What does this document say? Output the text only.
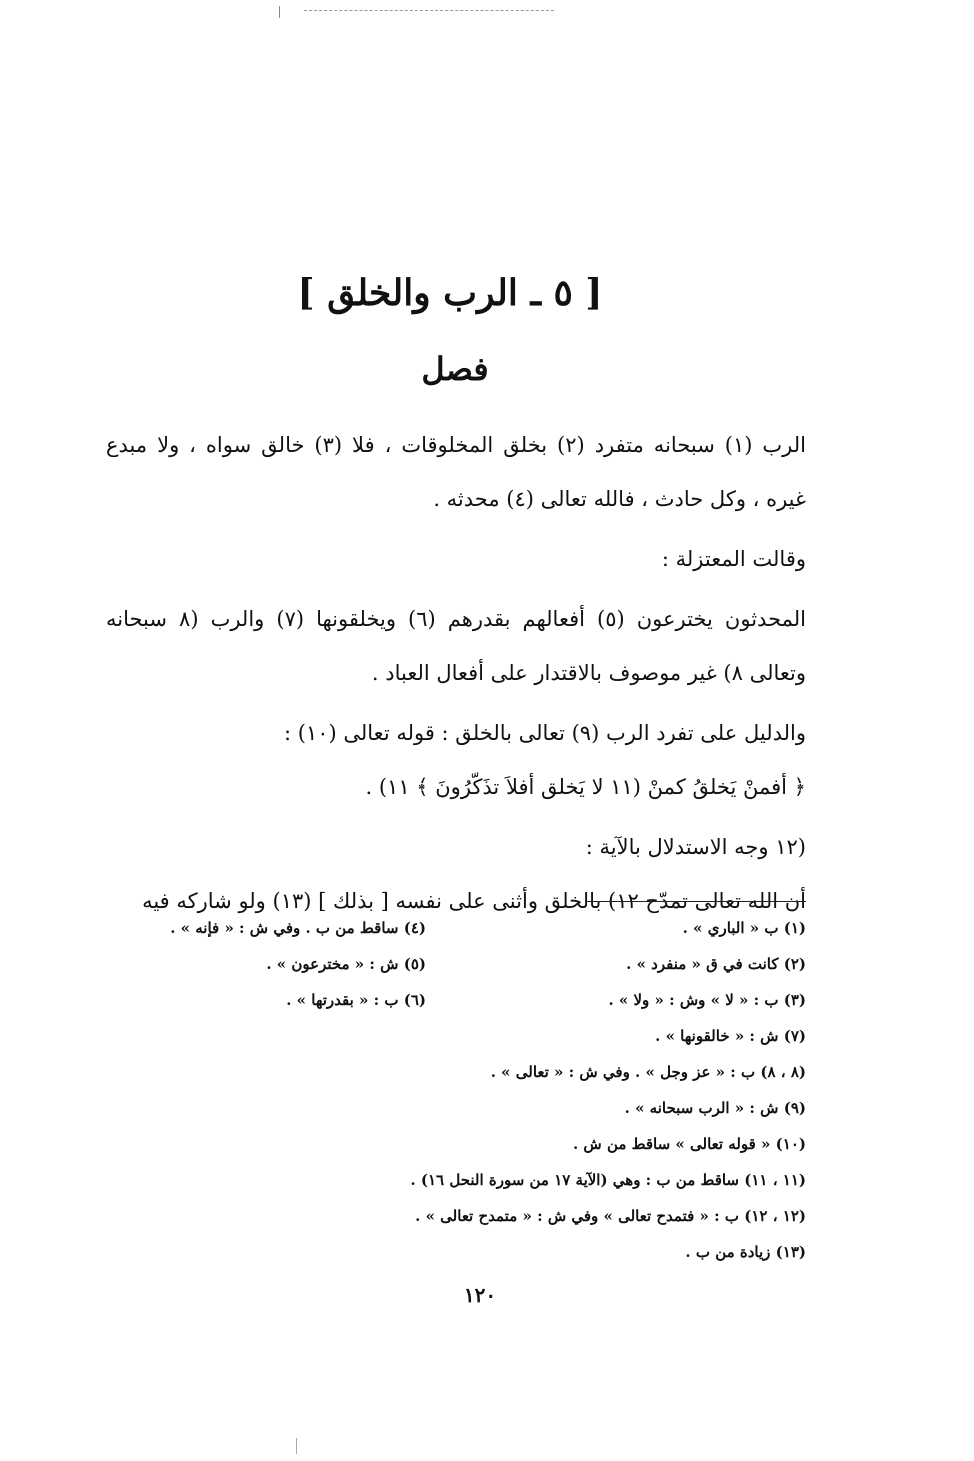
[ ٥ ـ الرب والخلق ]
فصل

الرب (١) سبحانه متفرد (٢) بخلق المخلوقات ، فلا (٣) خالق سواه ، ولا مبدع غيره ، وكل حادث ، فالله تعالى (٤) محدثه .

وقالت المعتزلة :

المحدثون يخترعون (٥) أفعالهم بقدرهم (٦) ويخلقونها (٧) والرب (٨ سبحانه وتعالى ٨) غير موصوف بالاقتدار على أفعال العباد .

والدليل على تفرد الرب (٩) تعالى بالخلق : قوله تعالى (١٠) :

﴿ أفمنْ يَخلقُ كمنْ (١١ لا يَخلق أفلاَ تذَكّرُونَ ﴾ ١١) .

(١٢ وجه الاستدلال بالآية :

أن الله تعالى تمدّح ١٢) بالخلق وأثنى على نفسه [ بذلك ] (١٣) ولو شاركه فيه

(١) ب « الباري » .
(٤) ساقط من ب . وفي ش : « فإنه » .
(٢) كانت في ق « منفرد » .
(٥) ش : « مخترعون » .
(٣) ب : « لا » وش : « ولا » .
(٦) ب : « بقدرتها » .
(٧)

ش : « خالقونها » .
(٨ ، ٨)

ب : « عز وجل » . وفي ش : « تعالى » .
(٩)

ش : « الرب سبحانه » .
(١٠)

« قوله تعالى » ساقط من ش .
(١١ ، ١١)

ساقط من ب : وهي (الآية ١٧ من سورة النحل ١٦) .
(١٢ ، ١٢)

ب : « فتمدح تعالى » وفي ش : « متمدح تعالى » .
(١٣)

زيادة من ب .
١٢٠
